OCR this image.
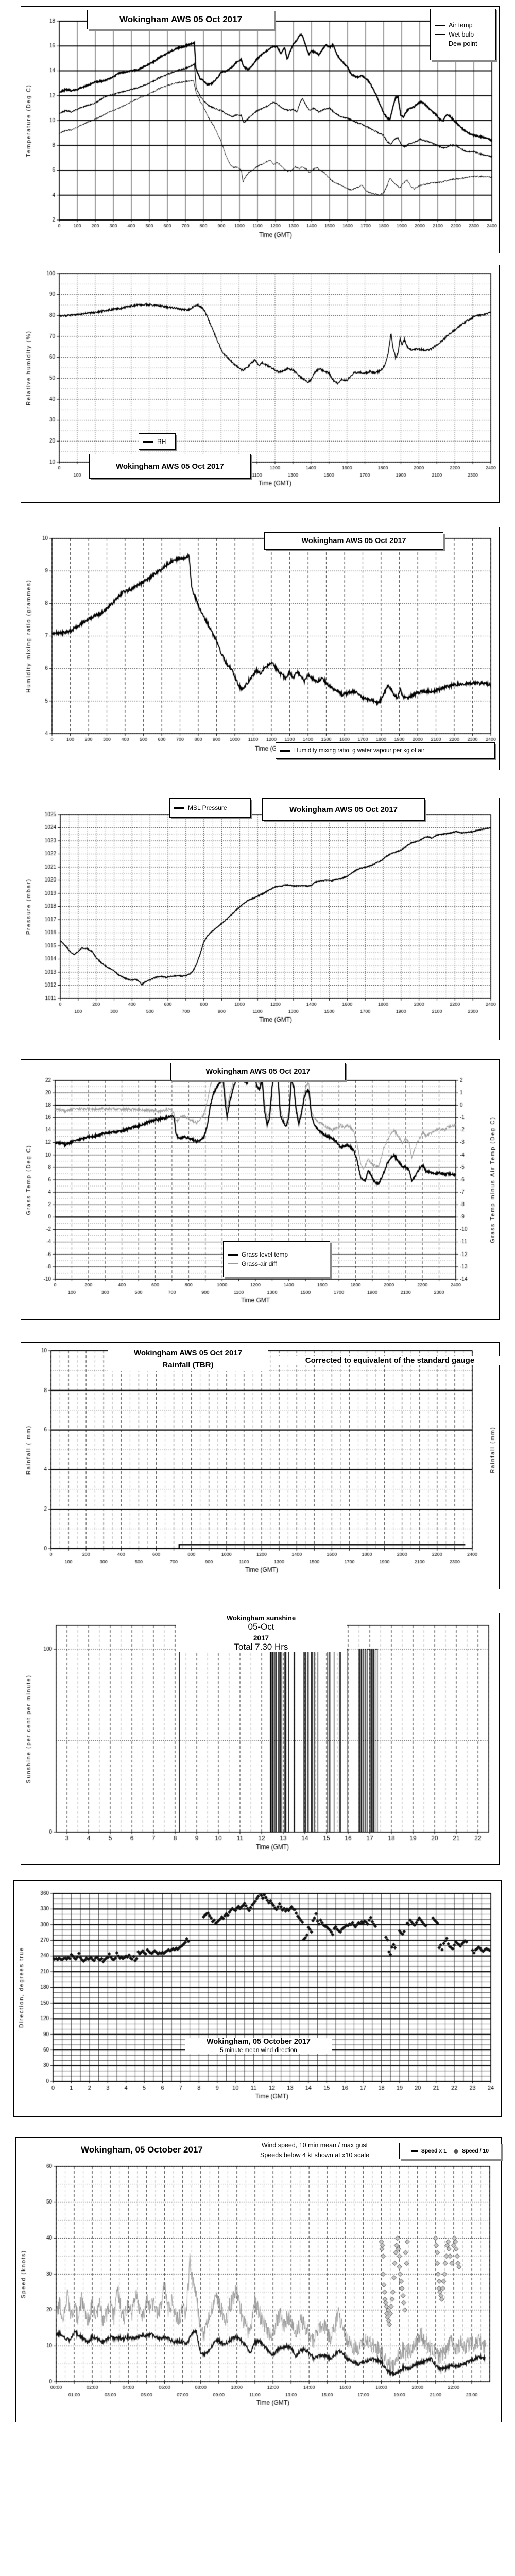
Wokingham AWS 05 Oct 2017
Air temp
Wet bulb
Dew point
RH
Wokingham AWS 05 Oct 2017
Wokingham AWS 05 Oct 2017
Humidity mixing ratio, g water vapour per kg of air
MSL Pressure	Wokingham AWS 05 Oct 2017
Wokingham AWS 05 Oct 2017
Grass level temp
Grass-air diff
Wokingham AWS 05 Oct 2017
Rainfall (TBR)	Corrected to equivalent of the standard gauge
Wokingham sunshine
05-Oct
2017
Total 7.30 Hrs
Wokingham, 05 October 2017
5 minute mean wind direction
Wokingham, 05 October 2017	Wind speed, 10 min mean / max gust
Speeds below 4 kt shown at x10 scale
Speed x 1 ◆ Speed / 10
